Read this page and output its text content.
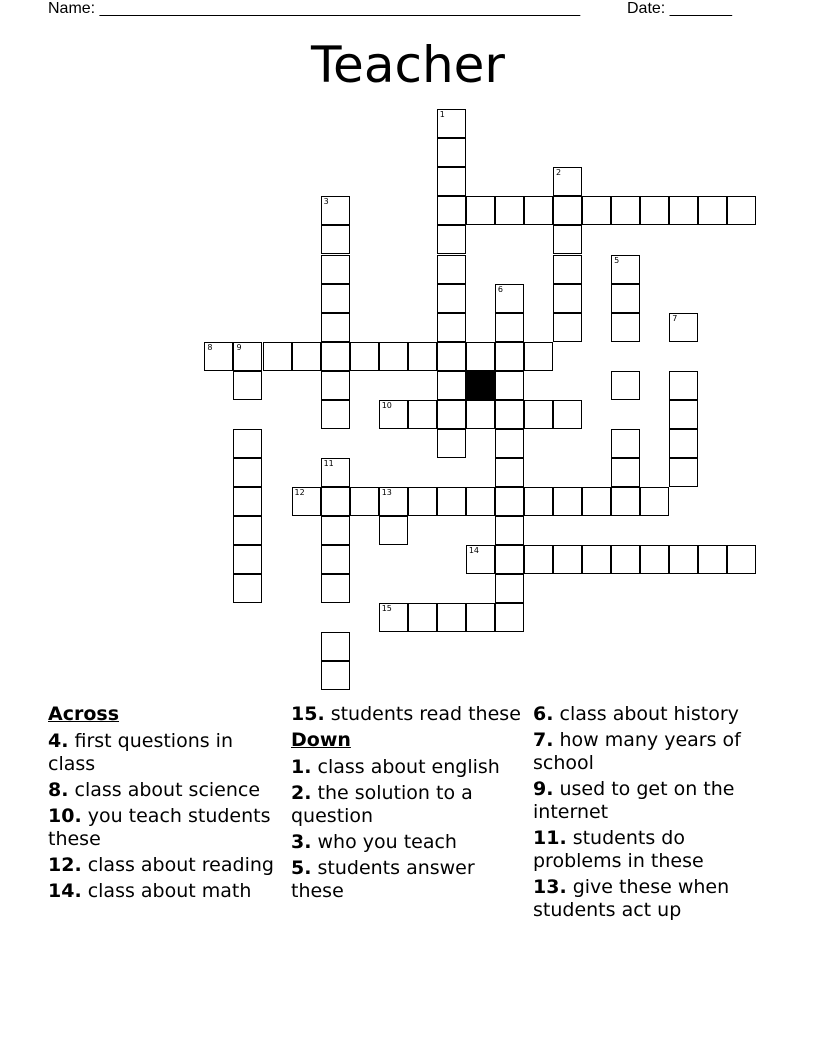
Name: ______________________________________________________	Date: _______
Teacher
8	9
10
12	13
14
15
1
2
3
5
6
7
11
Across
4. first questions in class
8. class about science
10. you teach students these
12. class about reading
14. class about math
15. students read these
Down
1. class about english
2. the solution to a question
3. who you teach
5. students answer these
6. class about history
7. how many years of school
9. used to get on the internet
11. students do problems in these
13. give these when students act up
